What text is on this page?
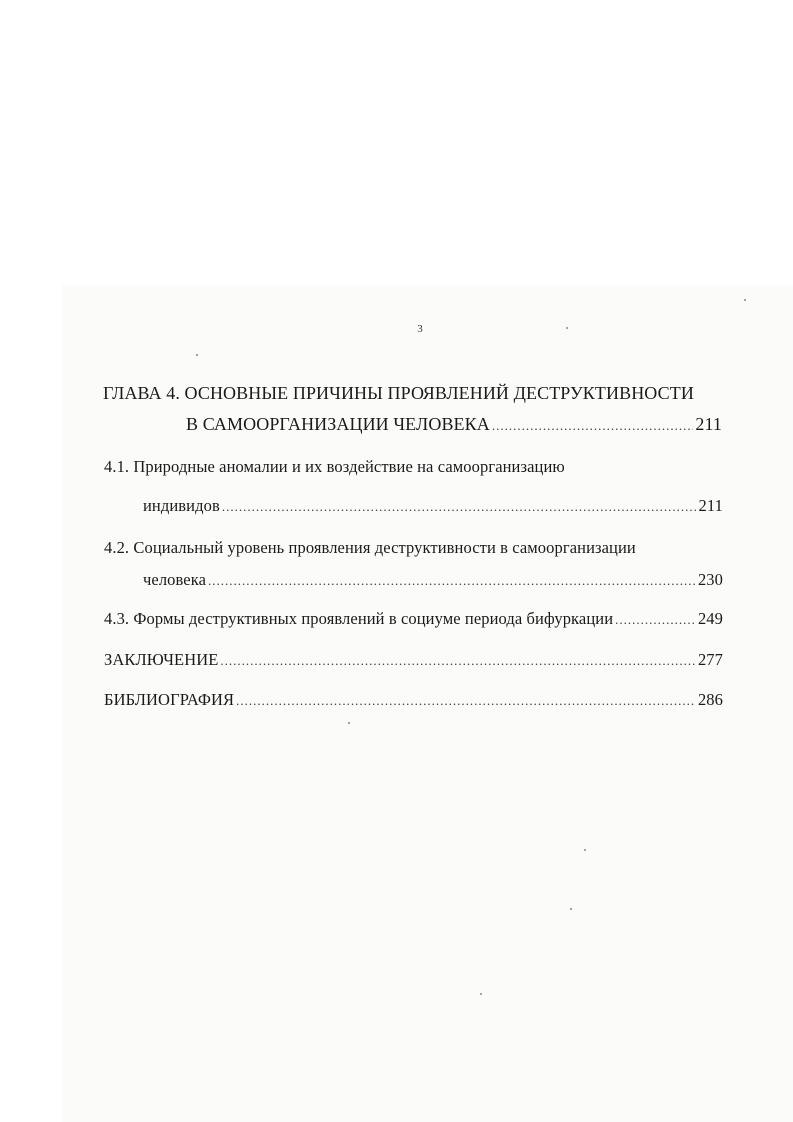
3
ГЛАВА 4. ОСНОВНЫЕ ПРИЧИНЫ ПРОЯВЛЕНИЙ ДЕСТРУКТИВНОСТИ
В САМООРГАНИЗАЦИИ ЧЕЛОВЕКА .....	211
4.1. Природные аномалии и их воздействие на самоорганизацию
индивидов .....	211
4.2. Социальный уровень проявления деструктивности в самоорганизации
человека .....	230
4.3. Формы деструктивных проявлений в социуме периода бифуркации .....	249
ЗАКЛЮЧЕНИЕ .....	277
БИБЛИОГРАФИЯ .....	286
